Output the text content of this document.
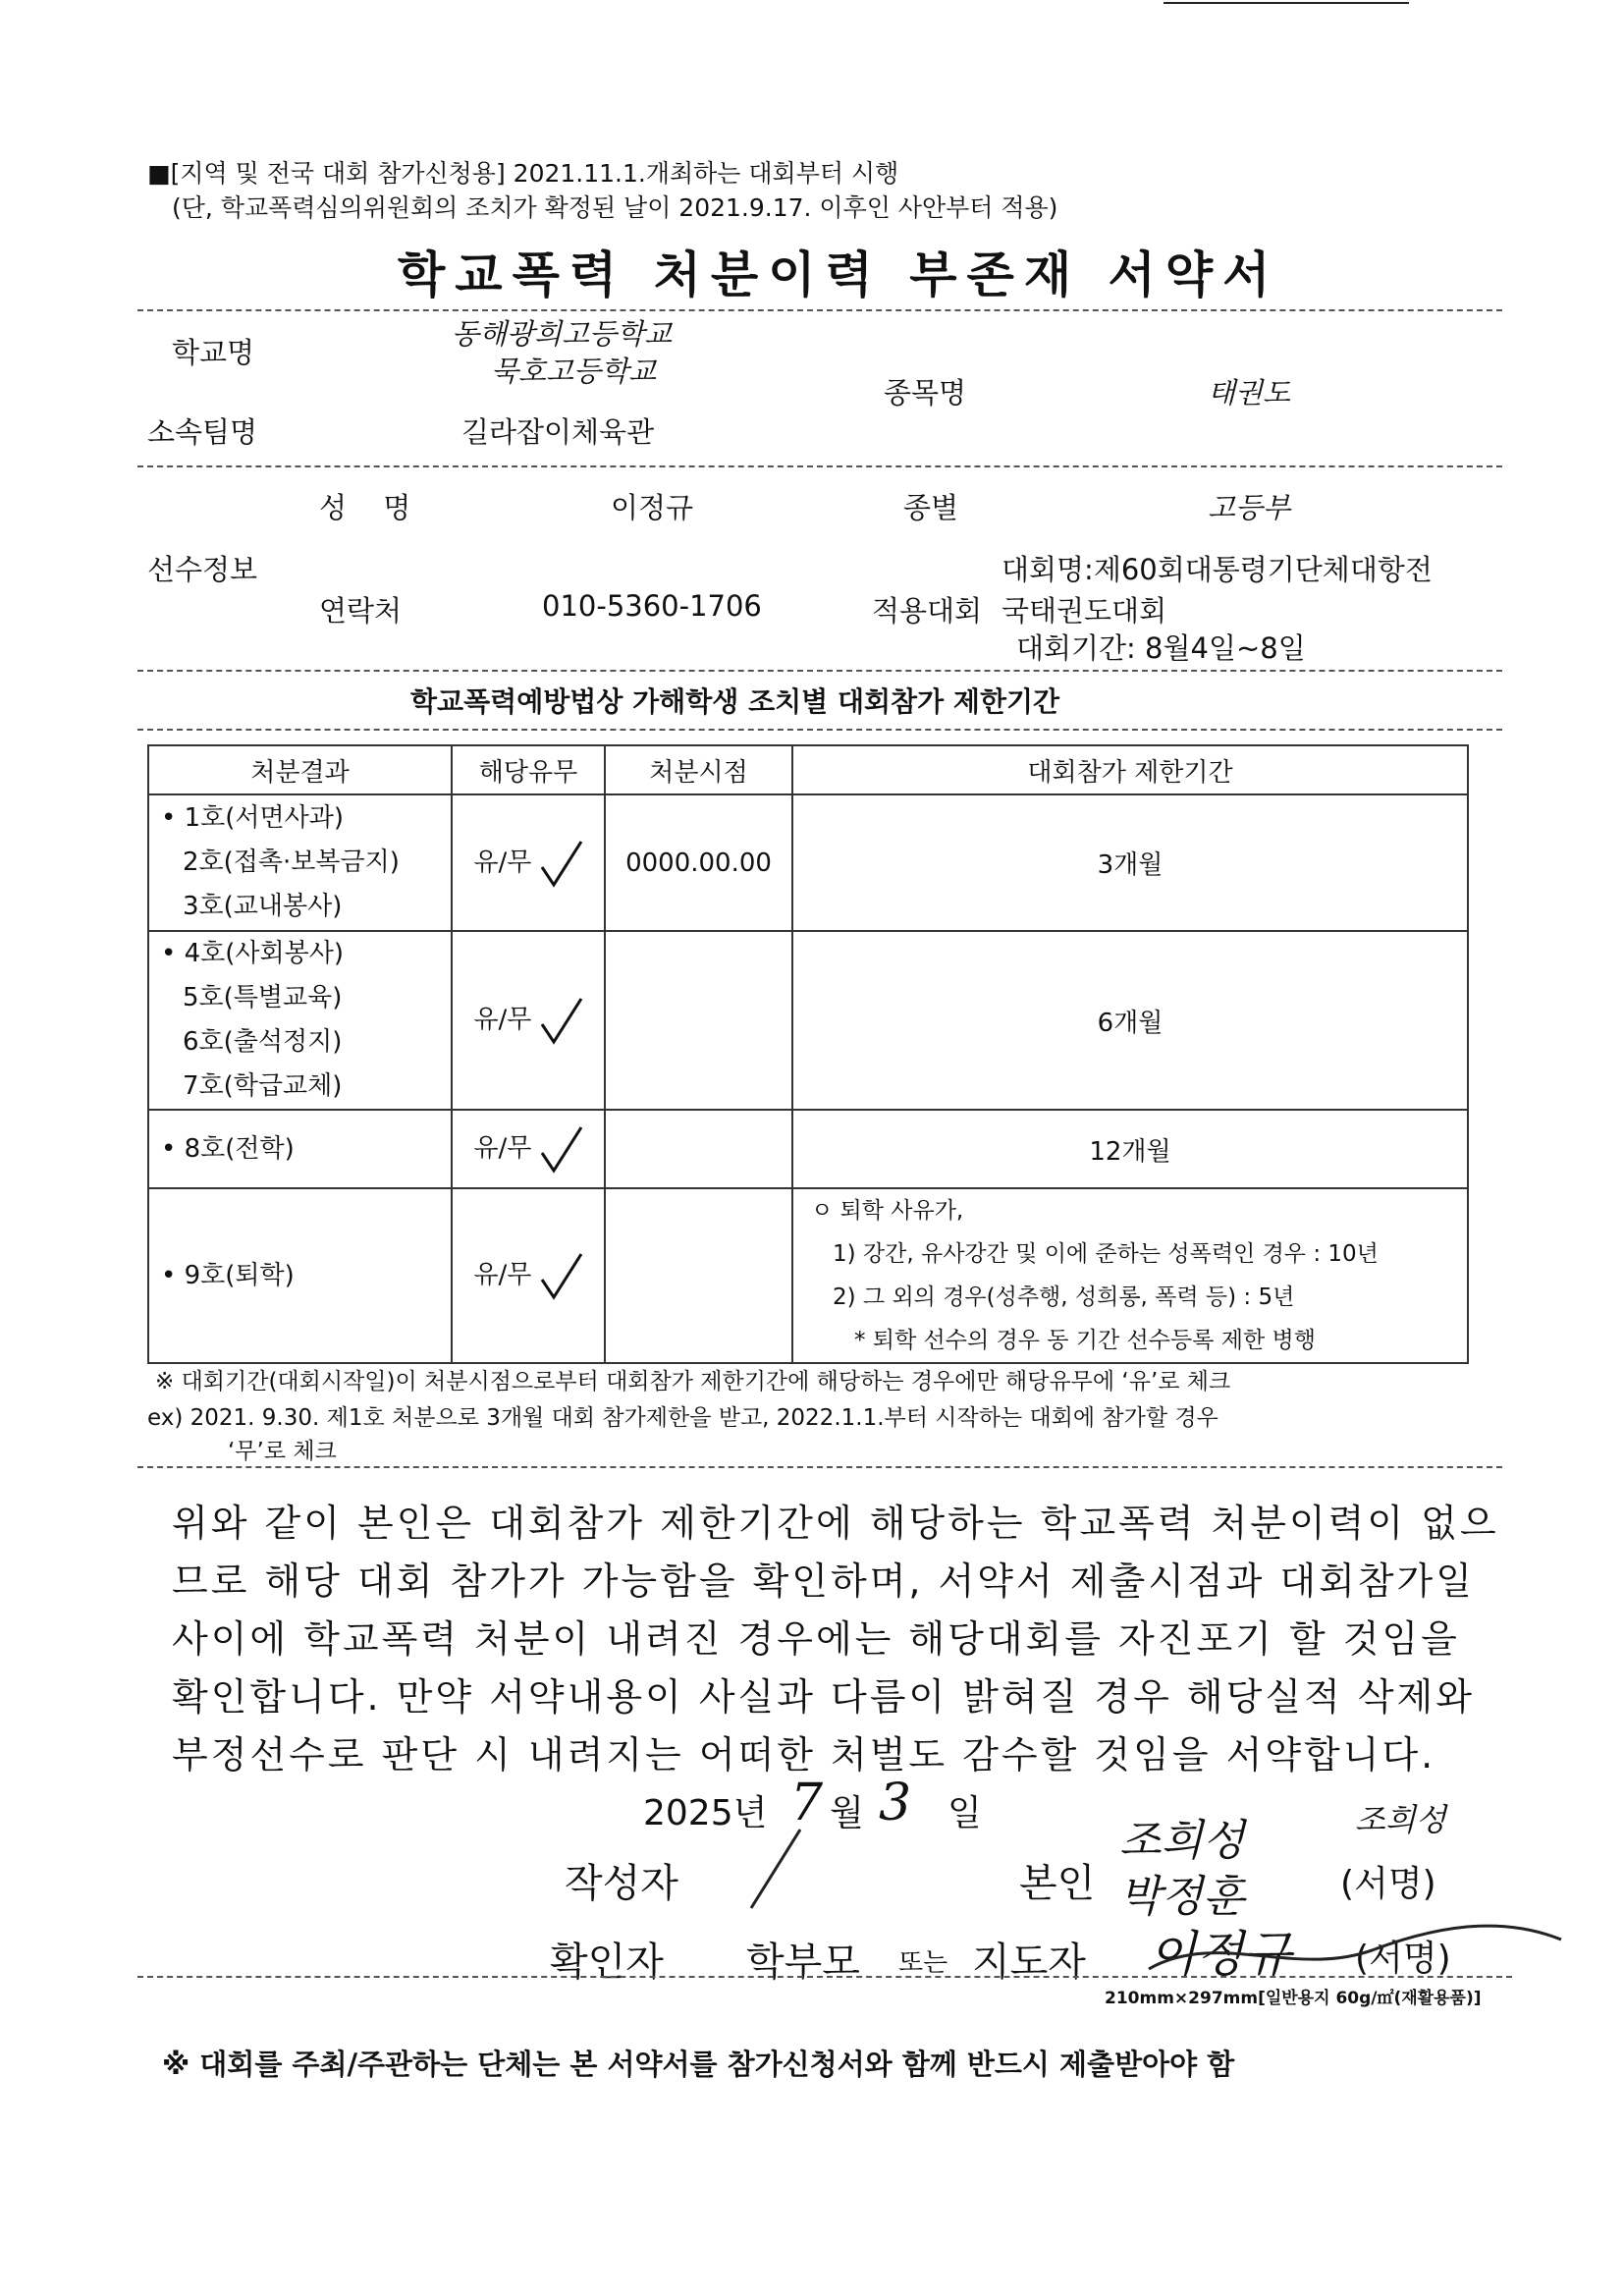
■[지역 및 전국 대회 참가신청용] 2021.11.1.개최하는 대회부터 시행
(단, 학교폭력심의위원회의 조치가 확정된 날이 2021.9.17. 이후인 사안부터 적용)
학교폭력 처분이력 부존재 서약서
학교명
동해광희고등학교
묵호고등학교
종목명	태권도
소속팀명	길라잡이체육관
성 명	이정규	종별	고등부
선수정보	대회명:제60회대통령기단체대항전
연락처	010-5360-1706	적용대회 국태권도대회
대회기간: 8월4일~8일
학교폭력예방법상 가해학생 조치별 대회참가 제한기간
처분결과	해당유무	처분시점	대회참가 제한기간

• 1호(서면사과)
2호(접촉·보복금지)
3호(교내봉사)	유/무	0000.00.00	3개월

• 4호(사회봉사)
5호(특별교육)
6호(출석정지)
7호(학급교체)	유/무		6개월

• 8호(전학)	유/무		12개월

• 9호(퇴학)	유/무		ㅇ 퇴학 사유가,
1) 강간, 유사강간 및 이에 준하는 성폭력인 경우 : 10년
2) 그 외의 경우(성추행, 성희롱, 폭력 등) : 5년
* 퇴학 선수의 경우 동 기간 선수등록 제한 병행
※ 대회기간(대회시작일)이 처분시점으로부터 대회참가 제한기간에 해당하는 경우에만 해당유무에 ‘유’로 체크
ex) 2021. 9.30. 제1호 처분으로 3개월 대회 참가제한을 받고, 2022.1.1.부터 시작하는 대회에 참가할 경우
‘무’로 체크
위와 같이 본인은 대회참가 제한기간에 해당하는 학교폭력 처분이력이 없으
므로 해당 대회 참가가 가능함을 확인하며, 서약서 제출시점과 대회참가일
사이에 학교폭력 처분이 내려진 경우에는 해당대회를 자진포기 할 것임을
확인합니다. 만약 서약내용이 사실과 다름이 밝혀질 경우 해당실적 삭제와
부정선수로 판단 시 내려지는 어떠한 처벌도 감수할 것임을 서약합니다.
2025년 7 월 3 일
작성자	본인
조희성
박정훈
조희성
(서명)
확인자 학부모 또는 지도자 이정규 (서명)
210mm×297mm[일반용지 60g/㎡(재활용품)]
※ 대회를 주최/주관하는 단체는 본 서약서를 참가신청서와 함께 반드시 제출받아야 함
